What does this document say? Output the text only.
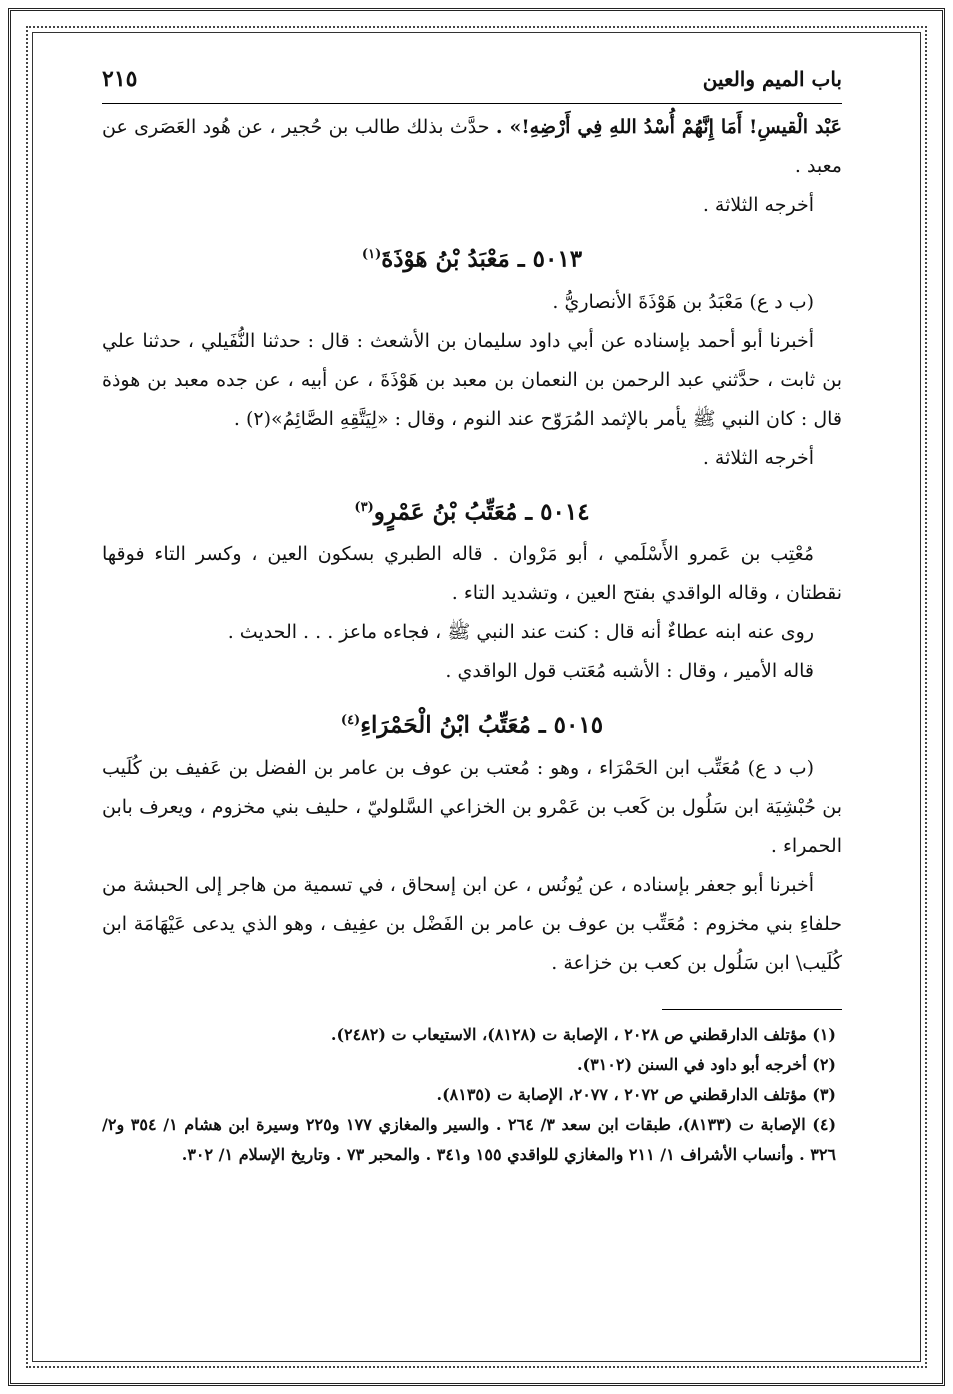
باب الميم والعين
٢١٥

عَبْد الْقيسِ! أَمَا إِنَّهُمْ أُسْدُ اللهِ فِي أَرْضِهِ!» . حدَّث بذلك طالب بن حُجير ، عن هُود العَصَرى عن معبد .

أخرجه الثلاثة .

٥٠١٣ ـ مَعْبَدُ بْنُ هَوْذَةَ$^{(١)}$

(ب د ع) مَعْبَدُ بن هَوْذَةَ الأنصاريُّ .

أخبرنا أبو أحمد بإسناده عن أبي داود سليمان بن الأشعث : قال : حدثنا النُّفَيلي ، حدثنا علي بن ثابت ، حدَّثني عبد الرحمن بن النعمان بن معبد بن هَوْذَةَ ، عن أبيه ، عن جده معبد بن هوذة قال : كان النبي ﷺ يأمر بالإثمد المُرَوّح عند النوم ، وقال : «لِيَتَّقِهِ الصَّائِمُ»(٢) .

أخرجه الثلاثة .

٥٠١٤ ـ مُعَتِّبُ بْنُ عَمْرٍو$^{(٣)}$

مُعْتِب بن عَمرو الأَسْلَمي ، أبو مَرْوان . قاله الطبري بسكون العين ، وكسر التاء فوقها نقطتان ، وقاله الواقدي بفتح العين ، وتشديد التاء .

روى عنه ابنه عطاءٌ أنه قال : كنت عند النبي ﷺ ، فجاءه ماعز . . . الحديث .

قاله الأمير ، وقال : الأشبه مُعَتب قول الواقدي .

٥٠١٥ ـ مُعَتِّبُ ابْنُ الْحَمْرَاءِ$^{(٤)}$

(ب د ع) مُعَتِّب ابن الحَمْرَاء ، وهو : مُعتب بن عوف بن عامر بن الفضل بن عَفيف بن كُلَيب بن حُبْشِيَة ابن سَلُول بن كَعب بن عَمْرو بن الخزاعي السَّلوليّ ، حليف بني مخزوم ، ويعرف بابن الحمراء .

أخبرنا أبو جعفر بإسناده ، عن يُونُس ، عن ابن إسحاق ، في تسمية من هاجر إلى الحبشة من حلفاءِ بني مخزوم : مُعَتِّب بن عوف بن عامر بن الفَضْل بن عفِيف ، وهو الذي يدعى عَيْهَامَة ابن كُلَيب\ ابن سَلُول بن كعب بن خزاعة .

(١) مؤتلف الدارقطني ص ٢٠٢٨ ، الإصابة ت (٨١٢٨)، الاستيعاب ت (٢٤٨٢).

(٢) أخرجه أبو داود في السنن (٣١٠٢).

(٣) مؤتلف الدارقطني ص ٢٠٧٢ ، ٢٠٧٧، الإصابة ت (٨١٣٥).

(٤) الإصابة ت (٨١٣٣)، طبقات ابن سعد ٣/ ٢٦٤ . والسير والمغازي ١٧٧ و٢٢٥ وسيرة ابن هشام ١/ ٣٥٤ و٢/ ٣٢٦ . وأنساب الأشراف ١/ ٢١١ والمغازي للواقدي ١٥٥ و٣٤١ . والمحبر ٧٣ . وتاريخ الإسلام ١/ ٣٠٢.
